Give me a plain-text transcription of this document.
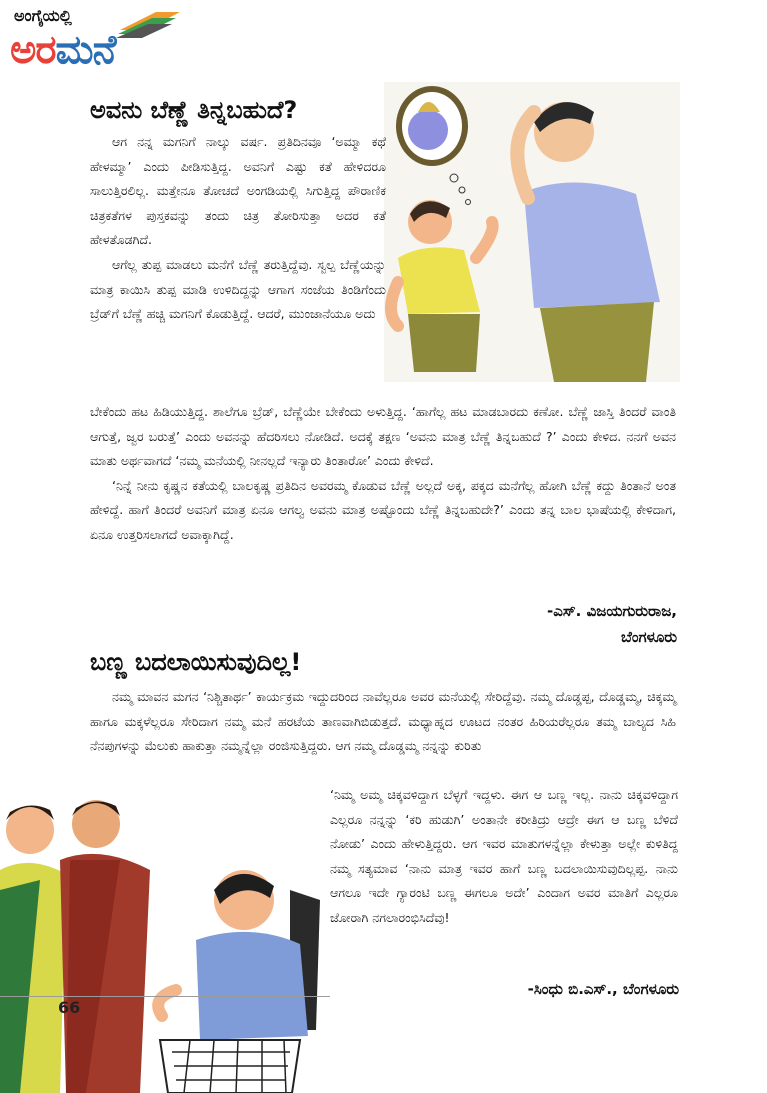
ಅಂಗೈಯಲ್ಲಿ
ಅರಮನೆ
ಅವನು ಬೆಣ್ಣೆ ತಿನ್ನಬಹುದೆ?

ಆಗ ನನ್ನ ಮಗನಿಗೆ ನಾಲ್ಕು ವರ್ಷ. ಪ್ರತಿದಿನವೂ ‘ಅಮ್ಮಾ ಕಥೆ ಹೇಳಮ್ಮಾ’ ಎಂದು ಪೀಡಿಸುತ್ತಿದ್ದ. ಅವನಿಗೆ ಎಷ್ಟು ಕತೆ ಹೇಳಿದರೂ ಸಾಲುತ್ತಿರಲಿಲ್ಲ. ಮತ್ತೇನೂ ತೋಚದೆ ಅಂಗಡಿಯಲ್ಲಿ ಸಿಗುತ್ತಿದ್ದ ಪೌರಾಣಿಕ ಚಿತ್ರಕತೆಗಳ ಪುಸ್ತಕವನ್ನು ತಂದು ಚಿತ್ರ ತೋರಿಸುತ್ತಾ ಅದರ ಕತೆ ಹೇಳತೊಡಗಿದೆ.

ಆಗೆಲ್ಲ ತುಪ್ಪ ಮಾಡಲು ಮನೆಗೆ ಬೆಣ್ಣೆ ತರುತ್ತಿದ್ದೆವು. ಸ್ವಲ್ಪ ಬೆಣ್ಣೆಯನ್ನು ಮಾತ್ರ ಕಾಯಿಸಿ ತುಪ್ಪ ಮಾಡಿ ಉಳಿದಿದ್ದನ್ನು ಆಗಾಗ ಸಂಜೆಯ ತಿಂಡಿಗೆಂದು ಬ್ರೆಡ್‌ಗೆ ಬೆಣ್ಣೆ ಹಚ್ಚಿ ಮಗನಿಗೆ ಕೊಡುತ್ತಿದ್ದೆ. ಆದರೆ, ಮುಂಜಾನೆಯೂ ಅದು

ಬೇಕೆಂದು ಹಟ ಹಿಡಿಯುತ್ತಿದ್ದ. ಶಾಲೆಗೂ ಬ್ರೆಡ್, ಬೆಣ್ಣೆಯೇ ಬೇಕೆಂದು ಅಳುತ್ತಿದ್ದ. ‘ಹಾಗೆಲ್ಲ ಹಟ ಮಾಡಬಾರದು ಕಣೋ. ಬೆಣ್ಣೆ ಜಾಸ್ತಿ ತಿಂದರೆ ವಾಂತಿ ಆಗುತ್ತೆ, ಜ್ವರ ಬರುತ್ತೆ’ ಎಂದು ಅವನನ್ನು ಹೆದರಿಸಲು ನೋಡಿದೆ. ಅದಕ್ಕೆ ತಕ್ಷಣ ‘ಅವನು ಮಾತ್ರ ಬೆಣ್ಣೆ ತಿನ್ನಬಹುದೆ ?’ ಎಂದು ಕೇಳಿದ. ನನಗೆ ಅವನ ಮಾತು ಅರ್ಥವಾಗದೆ ‘ನಮ್ಮ ಮನೆಯಲ್ಲಿ ನೀನಲ್ಲದೆ ಇನ್ಯಾರು ತಿಂತಾರೋ’ ಎಂದು ಕೇಳಿದೆ.

‘ನಿನ್ನೆ ನೀನು ಕೃಷ್ಣನ ಕತೆಯಲ್ಲಿ ಬಾಲಕೃಷ್ಣ ಪ್ರತಿದಿನ ಅವರಮ್ಮ ಕೊಡುವ ಬೆಣ್ಣೆ ಅಲ್ಲದೆ ಅಕ್ಕ, ಪಕ್ಕದ ಮನೆಗೆಲ್ಲ ಹೋಗಿ ಬೆಣ್ಣೆ ಕದ್ದು ತಿಂತಾನೆ ಅಂತ ಹೇಳಿದ್ದೆ. ಹಾಗೆ ತಿಂದರೆ ಅವನಿಗೆ ಮಾತ್ರ ಏನೂ ಆಗಲ್ವ ಅವನು ಮಾತ್ರ ಅಷ್ಟೊಂದು ಬೆಣ್ಣೆ ತಿನ್ನಬಹುದೇ?’ ಎಂದು ತನ್ನ ಬಾಲ ಭಾಷೆಯಲ್ಲಿ ಕೇಳಿದಾಗ, ಏನೂ ಉತ್ತರಿಸಲಾಗದೆ ಅವಾಕ್ಕಾಗಿದ್ದೆ.

-ಎಸ್. ವಿಜಯಗುರುರಾಜ,
ಬೆಂಗಳೂರು
ಬಣ್ಣ ಬದಲಾಯಿಸುವುದಿಲ್ಲ!

ನಮ್ಮ ಮಾವನ ಮಗನ ‘ನಿಶ್ಚಿತಾರ್ಥ’ ಕಾರ್ಯಕ್ರಮ ಇದ್ದುದರಿಂದ ನಾವೆಲ್ಲರೂ ಅವರ ಮನೆಯಲ್ಲಿ ಸೇರಿದ್ದೆವು. ನಮ್ಮ ದೊಡ್ಡಪ್ಪ, ದೊಡ್ಡಮ್ಮ, ಚಿಕ್ಕಮ್ಮ ಹಾಗೂ ಮಕ್ಕಳೆಲ್ಲರೂ ಸೇರಿದಾಗ ನಮ್ಮ ಮನೆ ಹರಟೆಯ ತಾಣವಾಗಿಬಿಡುತ್ತದೆ. ಮಧ್ಯಾಹ್ನದ ಊಟದ ನಂತರ ಹಿರಿಯರೆಲ್ಲರೂ ತಮ್ಮ ಬಾಲ್ಯದ ಸಿಹಿ ನೆನಪುಗಳನ್ನು ಮೆಲುಕು ಹಾಕುತ್ತಾ ನಮ್ಮನ್ನೆಲ್ಲಾ ರಂಜಿಸುತ್ತಿದ್ದರು. ಆಗ ನಮ್ಮ ದೊಡ್ಡಮ್ಮ ನನ್ನನ್ನು ಕುರಿತು

‘ನಿಮ್ಮ ಅಮ್ಮ ಚಿಕ್ಕವಳಿದ್ದಾಗ ಬೆಳ್ಳಗೆ ಇದ್ದಳು. ಈಗ ಆ ಬಣ್ಣ ಇಲ್ಲ. ನಾನು ಚಿಕ್ಕವಳಿದ್ದಾಗ ಎಲ್ಲರೂ ನನ್ನನ್ನು ‘ಕರಿ ಹುಡುಗಿ’ ಅಂತಾನೇ ಕರೀತಿದ್ರು ಆದ್ರೇ ಈಗ ಆ ಬಣ್ಣ ಬೆಳಿದೆ ನೋಡು’ ಎಂದು ಹೇಳುತ್ತಿದ್ದರು. ಆಗ ಇವರ ಮಾತುಗಳನ್ನೆಲ್ಲಾ ಕೇಳುತ್ತಾ ಅಲ್ಲೇ ಕುಳಿತಿದ್ದ ನಮ್ಮ ಸತ್ಯಮಾವ ‘ನಾನು ಮಾತ್ರ ಇವರ ಹಾಗೆ ಬಣ್ಣ ಬದಲಾಯಿಸುವುದಿಲ್ಲಪ್ಪ. ನಾನು ಆಗಲೂ ಇದೇ ಗ್ಯಾರಂಟಿ ಬಣ್ಣ ಈಗಲೂ ಅದೇ’ ಎಂದಾಗ ಅವರ ಮಾತಿಗೆ ಎಲ್ಲರೂ ಜೋರಾಗಿ ನಗಲಾರಂಭಿಸಿದೆವು!

-ಸಿಂಧು ಬಿ.ಎಸ್., ಬೆಂಗಳೂರು
66
